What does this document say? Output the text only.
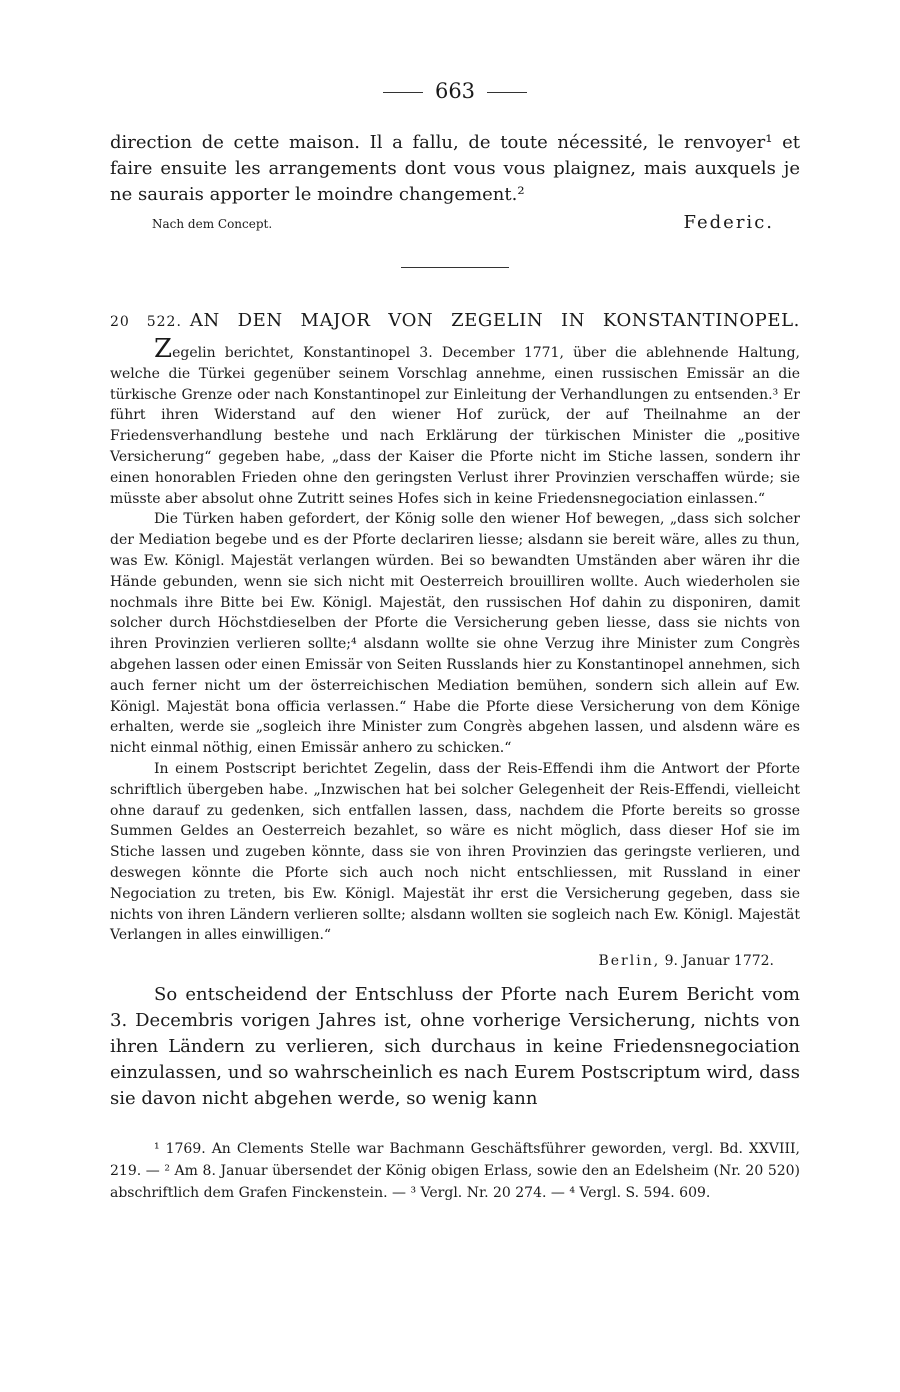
663

direction de cette maison. Il a fallu, de toute nécessité, le renvoyer¹ et faire ensuite les arrangements dont vous vous plaignez, mais auxquels je ne saurais apporter le moindre changement.²

Nach dem Concept.	Federic.
20 522. AN DEN MAJOR VON ZEGELIN IN KONSTANTINOPEL.

Zegelin berichtet, Konstantinopel 3. December 1771, über die ablehnende Haltung, welche die Türkei gegenüber seinem Vorschlag annehme, einen russischen Emissär an die türkische Grenze oder nach Konstantinopel zur Einleitung der Verhandlungen zu entsenden.³ Er führt ihren Widerstand auf den wiener Hof zurück, der auf Theilnahme an der Friedensverhandlung bestehe und nach Erklärung der türkischen Minister die „positive Versicherung“ gegeben habe, „dass der Kaiser die Pforte nicht im Stiche lassen, sondern ihr einen honorablen Frieden ohne den geringsten Verlust ihrer Provinzien verschaffen würde; sie müsste aber absolut ohne Zutritt seines Hofes sich in keine Friedensnegociation einlassen.“

Die Türken haben gefordert, der König solle den wiener Hof bewegen, „dass sich solcher der Mediation begebe und es der Pforte declariren liesse; alsdann sie bereit wäre, alles zu thun, was Ew. Königl. Majestät verlangen würden. Bei so bewandten Umständen aber wären ihr die Hände gebunden, wenn sie sich nicht mit Oesterreich brouilliren wollte. Auch wiederholen sie nochmals ihre Bitte bei Ew. Königl. Majestät, den russischen Hof dahin zu disponiren, damit solcher durch Höchstdieselben der Pforte die Versicherung geben liesse, dass sie nichts von ihren Provinzien verlieren sollte;⁴ alsdann wollte sie ohne Verzug ihre Minister zum Congrès abgehen lassen oder einen Emissär von Seiten Russlands hier zu Konstantinopel annehmen, sich auch ferner nicht um der österreichischen Mediation bemühen, sondern sich allein auf Ew. Königl. Majestät bona officia verlassen.“ Habe die Pforte diese Versicherung von dem Könige erhalten, werde sie „sogleich ihre Minister zum Congrès abgehen lassen, und alsdenn wäre es nicht einmal nöthig, einen Emissär anhero zu schicken.“

In einem Postscript berichtet Zegelin, dass der Reis-Effendi ihm die Antwort der Pforte schriftlich übergeben habe. „Inzwischen hat bei solcher Gelegenheit der Reis-Effendi, vielleicht ohne darauf zu gedenken, sich entfallen lassen, dass, nachdem die Pforte bereits so grosse Summen Geldes an Oesterreich bezahlet, so wäre es nicht möglich, dass dieser Hof sie im Stiche lassen und zugeben könnte, dass sie von ihren Provinzien das geringste verlieren, und deswegen könnte die Pforte sich auch noch nicht entschliessen, mit Russland in einer Negociation zu treten, bis Ew. Königl. Majestät ihr erst die Versicherung gegeben, dass sie nichts von ihren Ländern verlieren sollte; alsdann wollten sie sogleich nach Ew. Königl. Majestät Verlangen in alles einwilligen.“

Berlin, 9. Januar 1772.

So entscheidend der Entschluss der Pforte nach Eurem Bericht vom 3. Decembris vorigen Jahres ist, ohne vorherige Versicherung, nichts von ihren Ländern zu verlieren, sich durchaus in keine Friedensnegociation einzulassen, und so wahrscheinlich es nach Eurem Postscriptum wird, dass sie davon nicht abgehen werde, so wenig kann

¹ 1769. An Clements Stelle war Bachmann Geschäftsführer geworden, vergl. Bd. XXVIII, 219. — ² Am 8. Januar übersendet der König obigen Erlass, sowie den an Edelsheim (Nr. 20 520) abschriftlich dem Grafen Finckenstein. — ³ Vergl. Nr. 20 274. — ⁴ Vergl. S. 594. 609.
